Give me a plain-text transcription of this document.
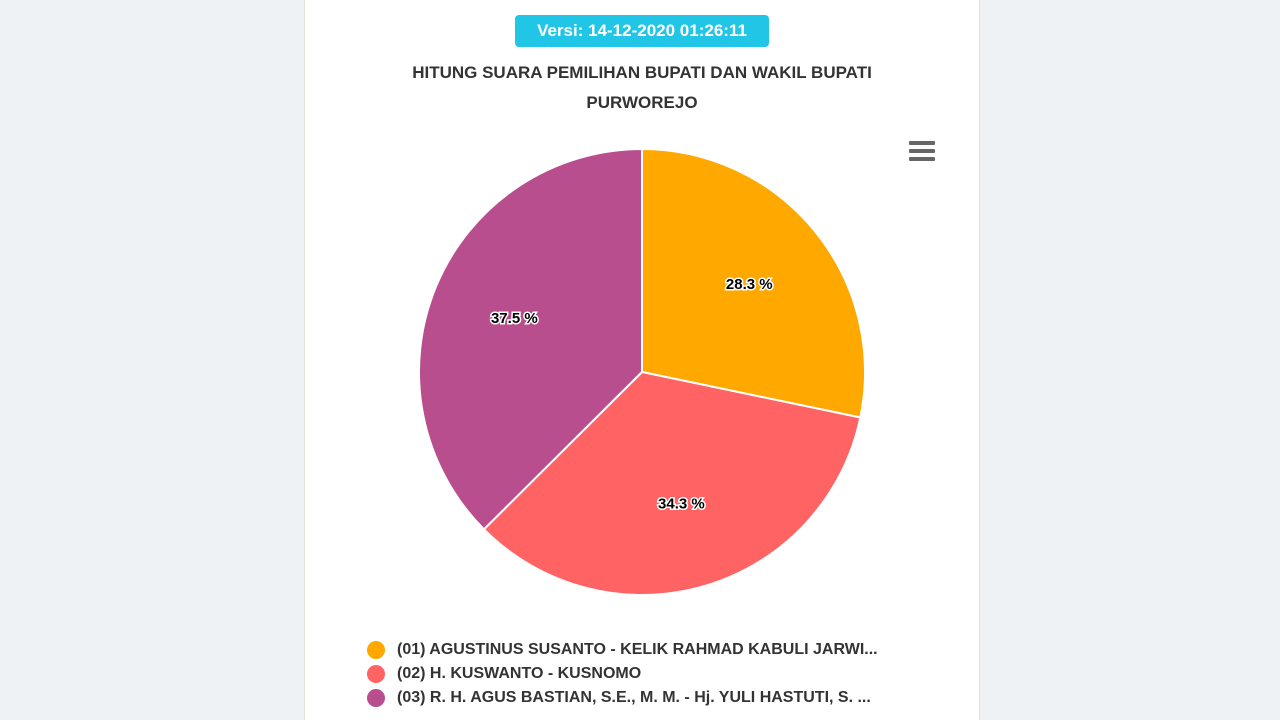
Versi: 14-12-2020 01:26:11
HITUNG SUARA PEMILIHAN BUPATI DAN WAKIL BUPATI
PURWOREJO
28.3 %
34.3 %
37.5 %
(01) AGUSTINUS SUSANTO - KELIK RAHMAD KABULI JARWI...
(02) H. KUSWANTO - KUSNOMO
(03) R. H. AGUS BASTIAN, S.E., M. M. - Hj. YULI HASTUTI, S. ...
